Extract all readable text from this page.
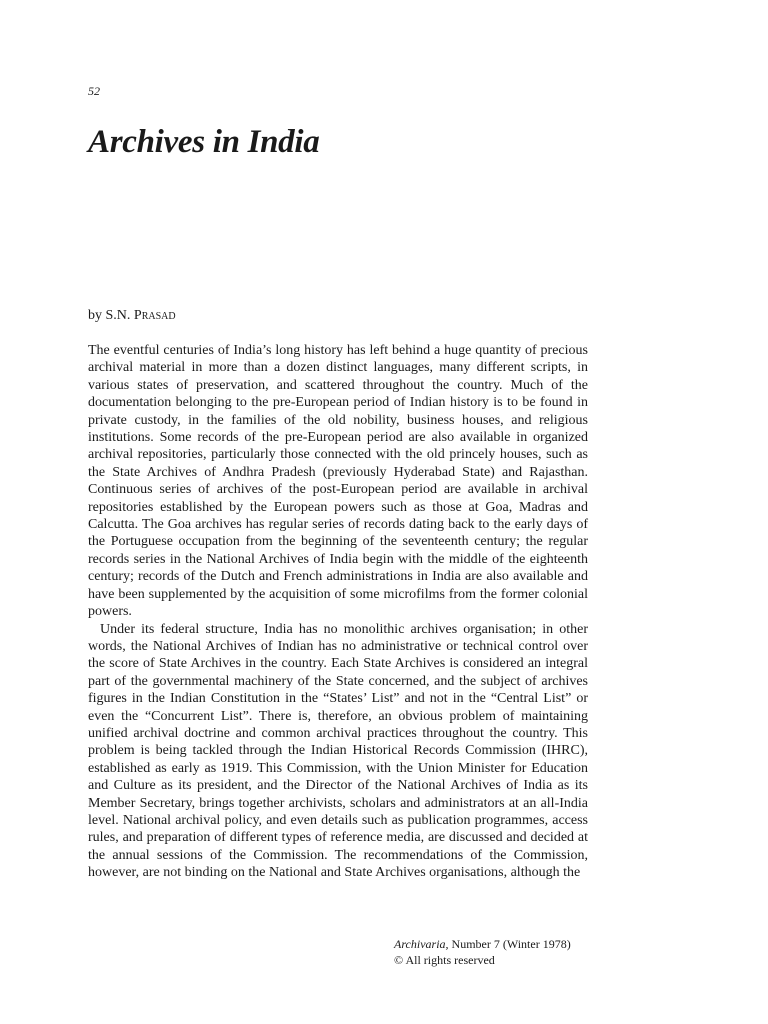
52
Archives in India
by S.N. Prasad

The eventful centuries of India’s long history has left behind a huge quantity of precious archival material in more than a dozen distinct languages, many different scripts, in various states of preservation, and scattered throughout the country. Much of the documentation belonging to the pre-European period of Indian history is to be found in private custody, in the families of the old nobility, business houses, and religious institutions. Some records of the pre-European period are also available in organized archival repositories, particularly those connected with the old princely houses, such as the State Archives of Andhra Pradesh (previously Hyderabad State) and Rajasthan. Continuous series of archives of the post-European period are available in archival repositories established by the European powers such as those at Goa, Madras and Calcutta. The Goa archives has regular series of records dating back to the early days of the Portuguese occupation from the beginning of the seventeenth century; the regular records series in the National Archives of India begin with the middle of the eighteenth century; records of the Dutch and French administrations in India are also available and have been supplemented by the acquisition of some microfilms from the former colonial powers.

Under its federal structure, India has no monolithic archives organisation; in other words, the National Archives of Indian has no administrative or technical control over the score of State Archives in the country. Each State Archives is considered an integral part of the governmental machinery of the State concerned, and the subject of archives figures in the Indian Constitution in the “States’ List” and not in the “Central List” or even the “Concurrent List”. There is, therefore, an obvious problem of maintaining unified archival doctrine and common archival practices throughout the country. This problem is being tackled through the Indian Historical Records Commission (IHRC), established as early as 1919. This Commission, with the Union Minister for Education and Culture as its president, and the Director of the National Archives of India as its Member Secretary, brings together archivists, scholars and administrators at an all-India level. National archival policy, and even details such as publication programmes, access rules, and preparation of different types of reference media, are discussed and decided at the annual sessions of the Commission. The recommendations of the Commission, however, are not binding on the National and State Archives organisations, although the

Archivaria, Number 7 (Winter 1978)
© All rights reserved
